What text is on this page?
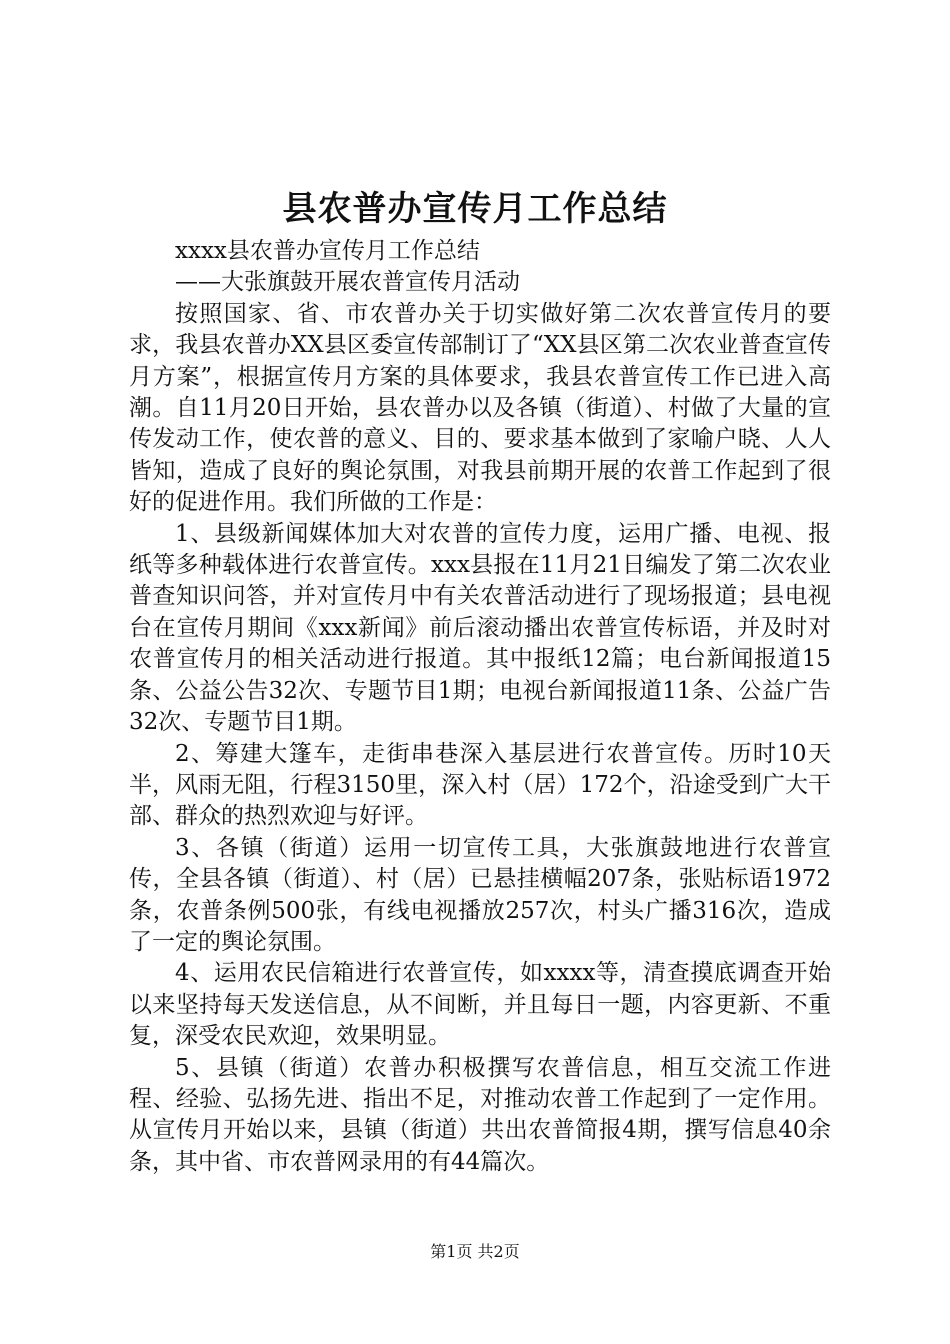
县农普办宣传月工作总结

xxxx县农普办宣传月工作总结

——大张旗鼓开展农普宣传月活动

按照国家、省、市农普办关于切实做好第二次农普宣传月的要求，我县农普办XX县区委宣传部制订了“XX县区第二次农业普查宣传月方案”，根据宣传月方案的具体要求，我县农普宣传工作已进入高潮。自11月20日开始，县农普办以及各镇（街道）、村做了大量的宣传发动工作，使农普的意义、目的、要求基本做到了家喻户晓、人人皆知，造成了良好的舆论氛围，对我县前期开展的农普工作起到了很好的促进作用。我们所做的工作是：

1、县级新闻媒体加大对农普的宣传力度，运用广播、电视、报纸等多种载体进行农普宣传。xxx县报在11月21日编发了第二次农业普查知识问答，并对宣传月中有关农普活动进行了现场报道；县电视台在宣传月期间《xxx新闻》前后滚动播出农普宣传标语，并及时对农普宣传月的相关活动进行报道。其中报纸12篇；电台新闻报道15条、公益公告32次、专题节目1期；电视台新闻报道11条、公益广告32次、专题节目1期。

2、筹建大篷车，走街串巷深入基层进行农普宣传。历时10天半，风雨无阻，行程3150里，深入村（居）172个，沿途受到广大干部、群众的热烈欢迎与好评。

3、各镇（街道）运用一切宣传工具，大张旗鼓地进行农普宣传，全县各镇（街道）、村（居）已悬挂横幅207条，张贴标语1972条，农普条例500张，有线电视播放257次，村头广播316次，造成了一定的舆论氛围。

4、运用农民信箱进行农普宣传，如xxxx等，清查摸底调查开始以来坚持每天发送信息，从不间断，并且每日一题，内容更新、不重复，深受农民欢迎，效果明显。

5、县镇（街道）农普办积极撰写农普信息，相互交流工作进程、经验、弘扬先进、指出不足，对推动农普工作起到了一定作用。从宣传月开始以来，县镇（街道）共出农普简报4期，撰写信息40余条，其中省、市农普网录用的有44篇次。

第1页 共2页
